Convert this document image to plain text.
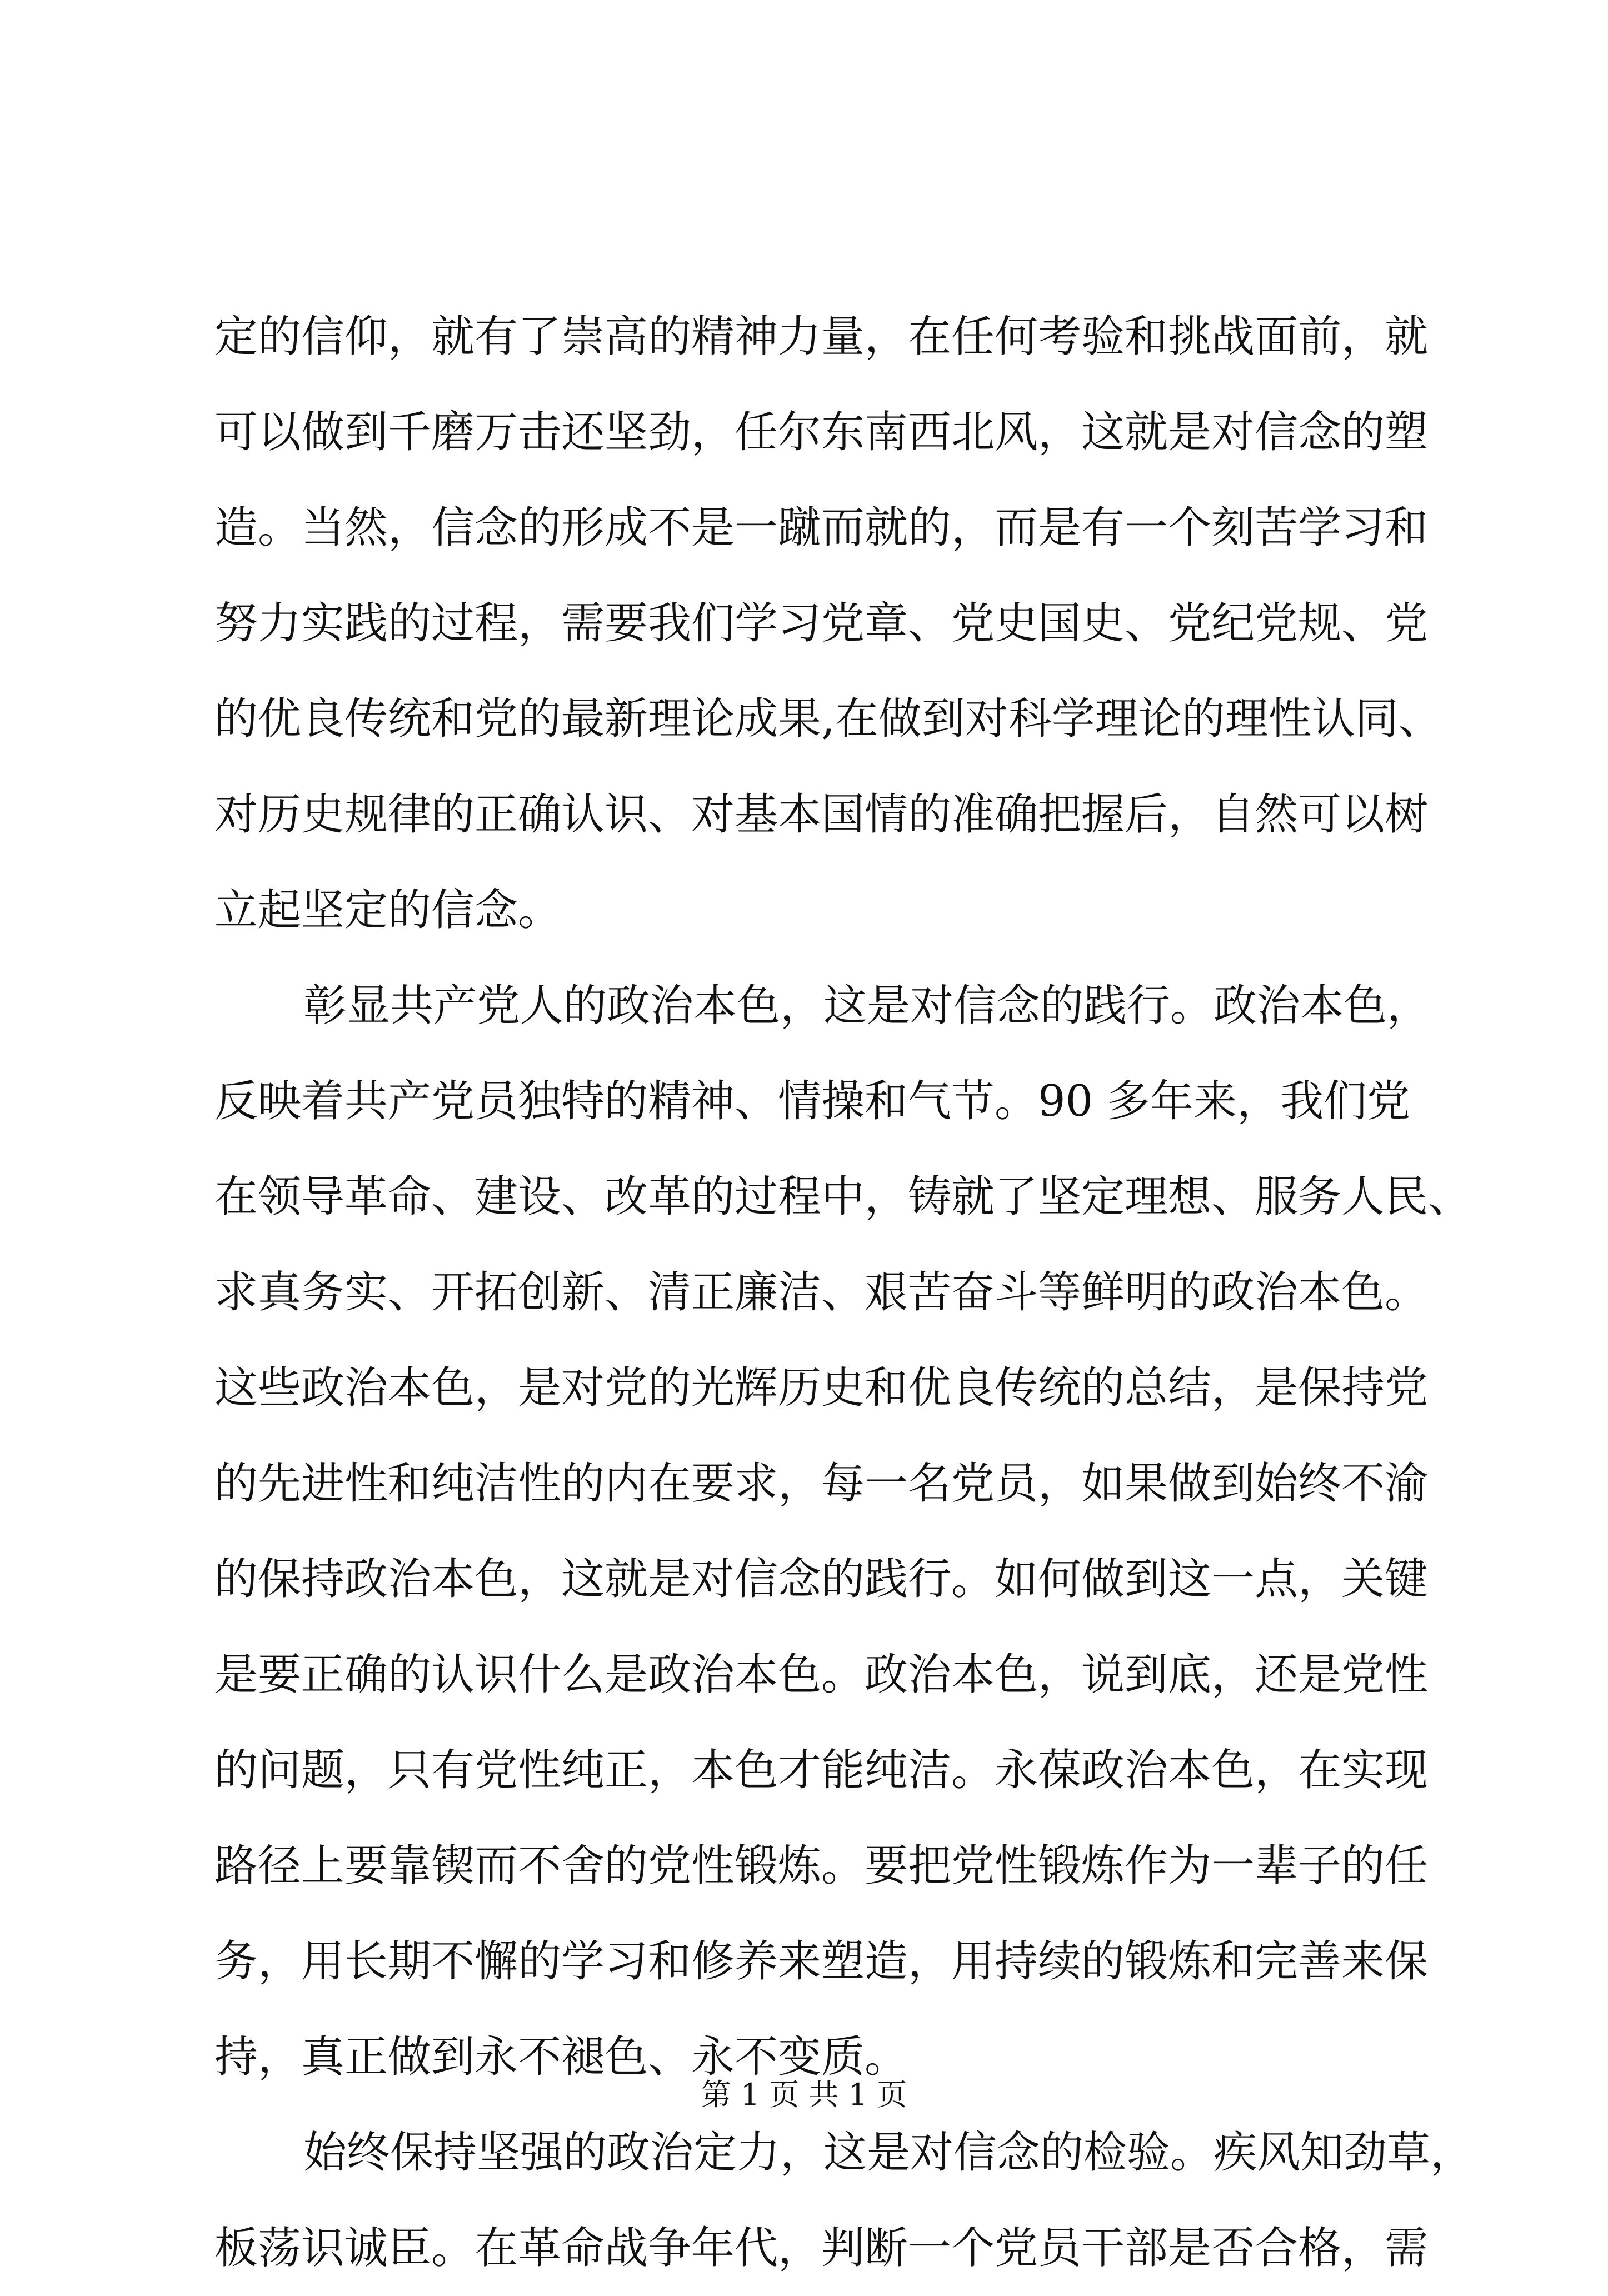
定的信仰，就有了崇高的精神力量，在任何考验和挑战面前，就
可以做到千磨万击还坚劲，任尔东南西北风，这就是对信念的塑
造。当然，信念的形成不是一蹴而就的，而是有一个刻苦学习和
努力实践的过程，需要我们学习党章、党史国史、党纪党规、党
的优良传统和党的最新理论成果,在做到对科学理论的理性认同、
对历史规律的正确认识、对基本国情的准确把握后，自然可以树
立起坚定的信念。
彰显共产党人的政治本色，这是对信念的践行。政治本色，
反映着共产党员独特的精神、情操和气节。90 多年来，我们党
在领导革命、建设、改革的过程中，铸就了坚定理想、服务人民、
求真务实、开拓创新、清正廉洁、艰苦奋斗等鲜明的政治本色。
这些政治本色，是对党的光辉历史和优良传统的总结，是保持党
的先进性和纯洁性的内在要求，每一名党员，如果做到始终不渝
的保持政治本色，这就是对信念的践行。如何做到这一点，关键
是要正确的认识什么是政治本色。政治本色，说到底，还是党性
的问题，只有党性纯正，本色才能纯洁。永葆政治本色，在实现
路径上要靠锲而不舍的党性锻炼。要把党性锻炼作为一辈子的任
务，用长期不懈的学习和修养来塑造，用持续的锻炼和完善来保
持，真正做到永不褪色、永不变质。
始终保持坚强的政治定力，这是对信念的检验。疾风知劲草，
板荡识诚臣。在革命战争年代，判断一个党员干部是否合格，需
第 1 页 共 1 页
